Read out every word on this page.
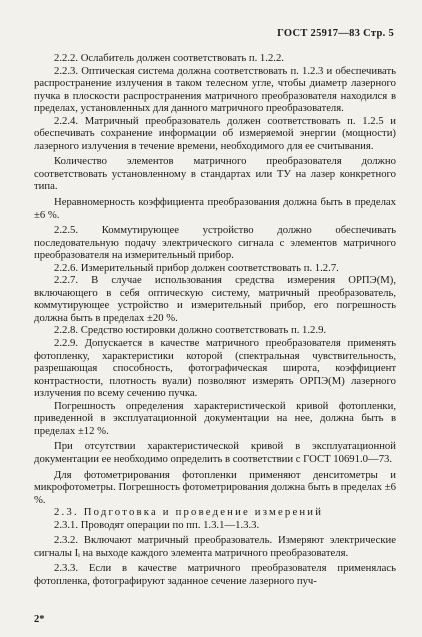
ГОСТ 25917—83 Стр. 5

2.2.2. Ослабитель должен соответствовать п. 1.2.2.

2.2.3. Оптическая система должна соответствовать п. 1.2.3 и обеспечивать распространение излучения в таком телесном угле, чтобы диаметр лазерного пучка в плоскости распространения матричного преобразователя находился в пределах, установленных для данного матричного преобразователя.

2.2.4. Матричный преобразователь должен соответствовать п. 1.2.5 и обеспечивать сохранение информации об измеряемой энергии (мощности) лазерного излучения в течение времени, необходимого для ее считывания.

Количество элементов матричного преобразователя должно соответствовать установленному в стандартах или ТУ на лазер конкретного типа.

Неравномерность коэффициента преобразования должна быть в пределах ±6 %.

2.2.5. Коммутирующее устройство должно обеспечивать последовательную подачу электрического сигнала с элементов матричного преобразователя на измерительный прибор.

2.2.6. Измерительный прибор должен соответствовать п. 1.2.7.

2.2.7. В случае использования средства измерения ОРПЭ(М), включающего в себя оптическую систему, матричный преобразователь, коммутирующее устройство и измерительный прибор, его погрешность должна быть в пределах ±20 %.

2.2.8. Средство юстировки должно соответствовать п. 1.2.9.

2.2.9. Допускается в качестве матричного преобразователя применять фотопленку, характеристики которой (спектральная чувствительность, разрешающая способность, фотографическая широта, коэффициент контрастности, плотность вуали) позволяют измерять ОРПЭ(М) лазерного излучения по всему сечению пучка.

Погрешность определения характеристической кривой фотопленки, приведенной в эксплуатационной документации на нее, должна быть в пределах ±12 %.

При отсутствии характеристической кривой в эксплуатационной документации ее необходимо определить в соответствии с ГОСТ 10691.0—73.

Для фотометрирования фотопленки применяют денситометры и микрофотометры. Погрешность фотометрирования должна быть в пределах ±6 %.

2.3. Подготовка и проведение измерений

2.3.1. Проводят операции по пп. 1.3.1—1.3.3.

2.3.2. Включают матричный преобразователь. Измеряют электрические сигналы Iᵢ на выходе каждого элемента матричного преобразователя.

2.3.3. Если в качестве матричного преобразователя применялась фотопленка, фотографируют заданное сечение лазерного пуч-

2*
